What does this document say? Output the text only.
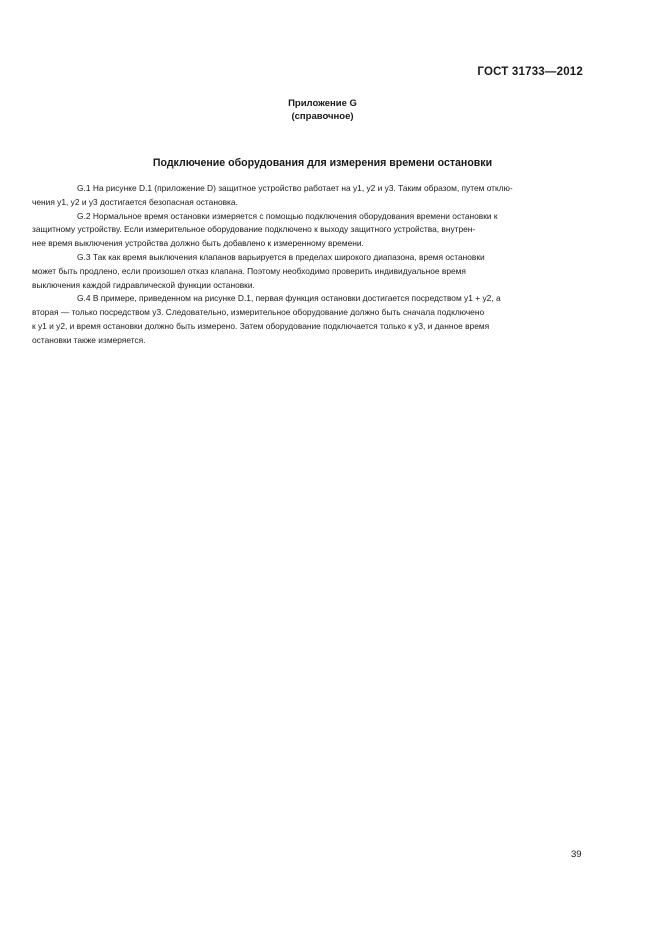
ГОСТ 31733—2012
Приложение G
(справочное)
Подключение оборудования для измерения времени остановки
G.1 На рисунке D.1 (приложение D) защитное устройство работает на y1, y2 и y3. Таким образом, путем отклю-
чения y1, y2 и y3 достигается безопасная остановка.
G.2 Нормальное время остановки измеряется с помощью подключения оборудования времени остановки к
защитному устройству. Если измерительное оборудование подключено к выходу защитного устройства, внутрен-
нее время выключения устройства должно быть добавлено к измеренному времени.
G.3 Так как время выключения клапанов варьируется в пределах широкого диапазона, время остановки
может быть продлено, если произошел отказ клапана. Поэтому необходимо проверить индивидуальное время
выключения каждой гидравлической функции остановки.
G.4 В примере, приведенном на рисунке D.1, первая функция остановки достигается посредством y1 + y2, а
вторая — только посредством y3. Следовательно, измерительное оборудование должно быть сначала подключено
к y1 и y2, и время остановки должно быть измерено. Затем оборудование подключается только к y3, и данное время
остановки также измеряется.
39
